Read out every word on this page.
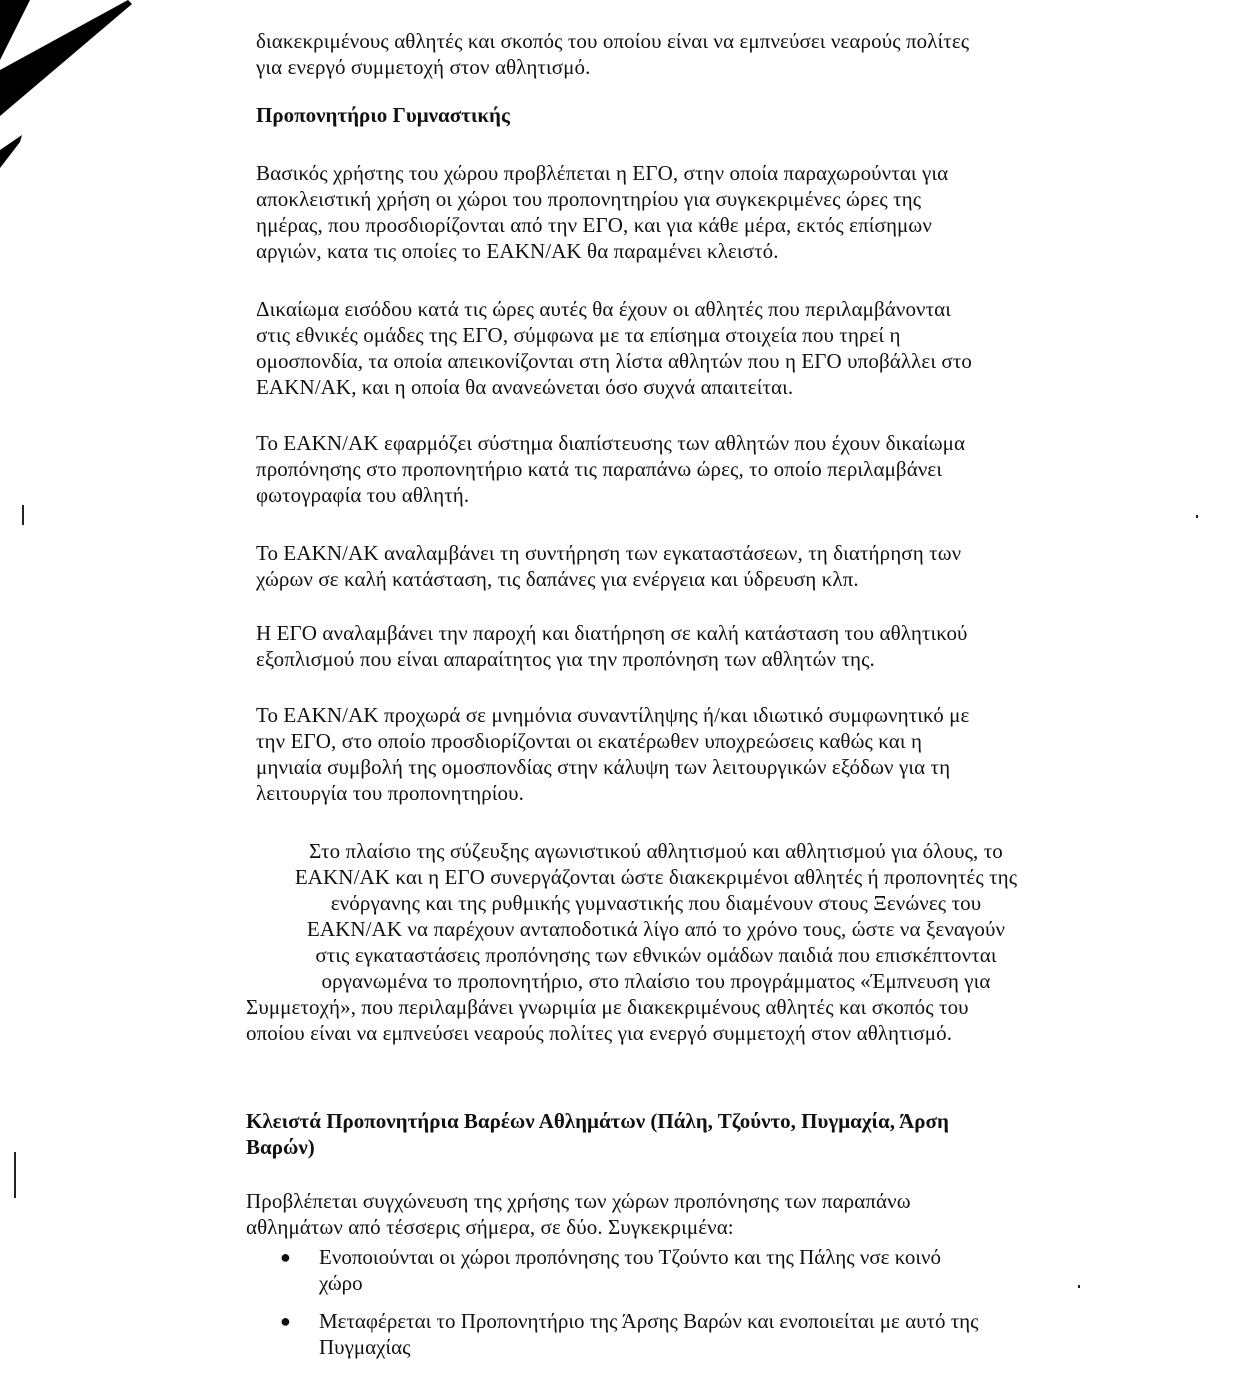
διακεκριμένους αθλητές και σκοπός του οποίου είναι να εμπνεύσει νεαρούς πολίτες

για ενεργό συμμετοχή στον αθλητισμό.

Προπονητήριο Γυμναστικής

Βασικός χρήστης του χώρου προβλέπεται η ΕΓΟ, στην οποία παραχωρούνται για

αποκλειστική χρήση οι χώροι του προπονητηρίου για συγκεκριμένες ώρες της

ημέρας, που προσδιορίζονται από την ΕΓΟ, και για κάθε μέρα, εκτός επίσημων

αργιών, κατα τις οποίες το ΕΑΚΝ/ΑΚ θα παραμένει κλειστό.

Δικαίωμα εισόδου κατά τις ώρες αυτές θα έχουν οι αθλητές που περιλαμβάνονται

στις εθνικές ομάδες της ΕΓΟ, σύμφωνα με τα επίσημα στοιχεία που τηρεί η

ομοσπονδία, τα οποία απεικονίζονται στη λίστα αθλητών που η ΕΓΟ υποβάλλει στο

ΕΑΚΝ/ΑΚ, και η οποία θα ανανεώνεται όσο συχνά απαιτείται.

Το ΕΑΚΝ/ΑΚ εφαρμόζει σύστημα διαπίστευσης των αθλητών που έχουν δικαίωμα

προπόνησης στο προπονητήριο κατά τις παραπάνω ώρες, το οποίο περιλαμβάνει

φωτογραφία του αθλητή.

Το ΕΑΚΝ/ΑΚ αναλαμβάνει τη συντήρηση των εγκαταστάσεων, τη διατήρηση των

χώρων σε καλή κατάσταση, τις δαπάνες για ενέργεια και ύδρευση κλπ.

Η ΕΓΟ αναλαμβάνει την παροχή και διατήρηση σε καλή κατάσταση του αθλητικού

εξοπλισμού που είναι απαραίτητος για την προπόνηση των αθλητών της.

Το ΕΑΚΝ/ΑΚ προχωρά σε μνημόνια συναντίληψης ή/και ιδιωτικό συμφωνητικό με

την ΕΓΟ, στο οποίο προσδιορίζονται οι εκατέρωθεν υποχρεώσεις καθώς και η

μηνιαία συμβολή της ομοσπονδίας στην κάλυψη των λειτουργικών εξόδων για τη

λειτουργία του προπονητηρίου.

Στο πλαίσιο της σύζευξης αγωνιστικού αθλητισμού και αθλητισμού για όλους, το

ΕΑΚΝ/ΑΚ και η ΕΓΟ συνεργάζονται ώστε διακεκριμένοι αθλητές ή προπονητές της

ενόργανης και της ρυθμικής γυμναστικής που διαμένουν στους Ξενώνες του

ΕΑΚΝ/ΑΚ να παρέχουν ανταποδοτικά λίγο από το χρόνο τους, ώστε να ξεναγούν

στις εγκαταστάσεις προπόνησης των εθνικών ομάδων παιδιά που επισκέπτονται

οργανωμένα το προπονητήριο, στο πλαίσιο του προγράμματος «Έμπνευση για

Συμμετοχή», που περιλαμβάνει γνωριμία με διακεκριμένους αθλητές και σκοπός του

οποίου είναι να εμπνεύσει νεαρούς πολίτες για ενεργό συμμετοχή στον αθλητισμό.

Κλειστά Προπονητήρια Βαρέων Αθλημάτων (Πάλη, Τζούντο, Πυγμαχία, Άρση

Βαρών)

Προβλέπεται συγχώνευση της χρήσης των χώρων προπόνησης των παραπάνω

αθλημάτων από τέσσερις σήμερα, σε δύο. Συγκεκριμένα:

● Ενοποιούνται οι χώροι προπόνησης του Τζούντο και της Πάλης νσε κοινό
χώρο
● Μεταφέρεται το Προπονητήριο της Άρσης Βαρών και ενοποιείται με αυτό της
Πυγμαχίας
